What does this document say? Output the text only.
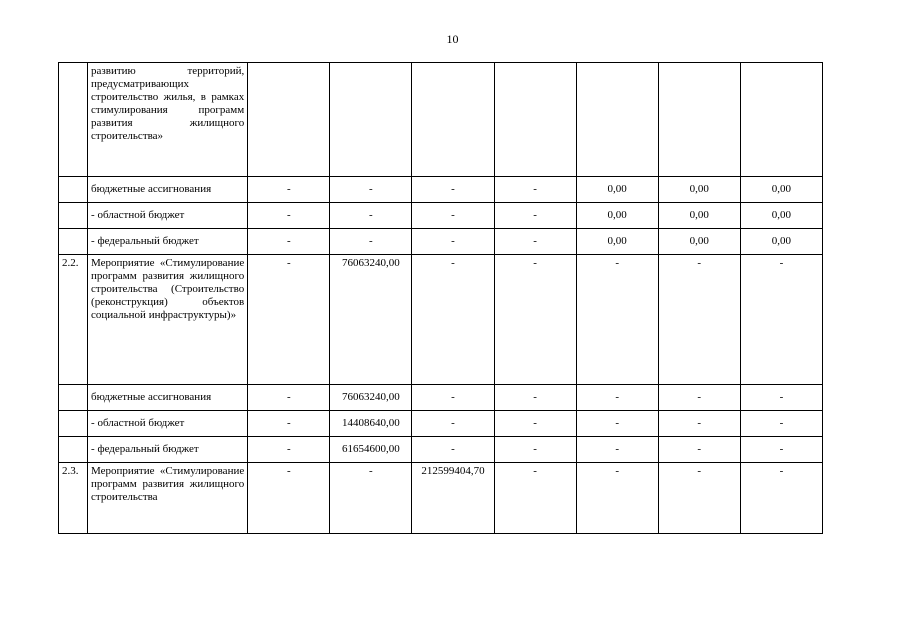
10
	развитию территорий, предусматривающих строительство жилья, в рамках стимулирования программ развития жилищного строительства»							
	бюджетные ассигнования	-	-	-	-	0,00	0,00	0,00
	- областной бюджет	-	-	-	-	0,00	0,00	0,00
	- федеральный бюджет	-	-	-	-	0,00	0,00	0,00
2.2.	Мероприятие «Стимулирование программ развития жилищного строительства (Строительство (реконструкция) объектов социальной инфраструктуры)»	-	76063240,00	-	-	-	-	-
	бюджетные ассигнования	-	76063240,00	-	-	-	-	-
	- областной бюджет	-	14408640,00	-	-	-	-	-
	- федеральный бюджет	-	61654600,00	-	-	-	-	-
2.3.	Мероприятие «Стимулирование программ развития жилищного строительства	-	-	212599404,70	-	-	-	-
